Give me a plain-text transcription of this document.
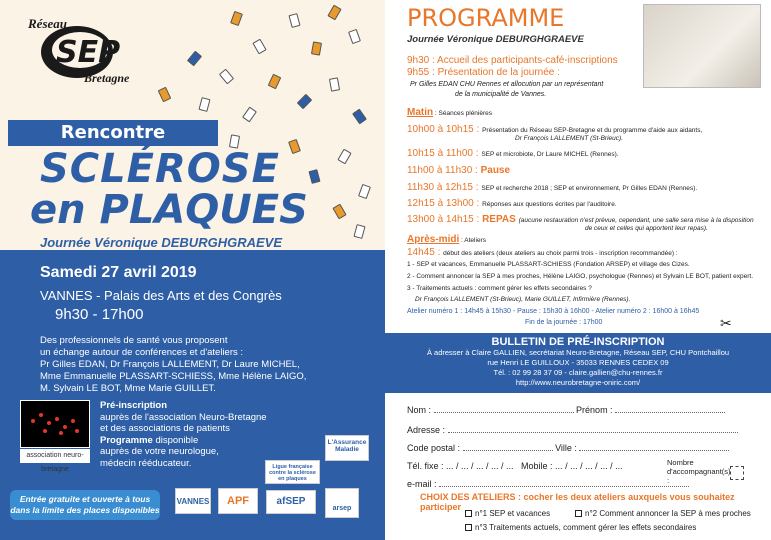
Réseau
SEP
Bretagne
Rencontre
SCLÉROSE
en PLAQUES
Journée Véronique DEBURGHGRAEVE
Samedi 27 avril 2019
VANNES - Palais des Arts et des Congrès
9h30 - 17h00
Des professionnels de santé vous proposent
un échange autour de conférences et d'ateliers :
Pr Gilles EDAN, Dr François LALLEMENT, Dr Laure MICHEL,
Mme Emmanuelle PLASSART-SCHIESS, Mme Hélène LAIGO,
M. Sylvain LE BOT, Mme Marie GUILLET.
association neuro-bretagne
Pré-inscription
auprès de l'association Neuro-Bretagne
et des associations de patients
Programme disponible
auprès de votre neurologue,
médecin rééducateur.
L'Assurance Maladie
Ligue française contre la sclérose en plaques
VANNES	APF	afSEP
arsep
Entrée gratuite et ouverte à tous
dans la limite des places disponibles
PROGRAMME
Journée Véronique DEBURGHGRAEVE
9h30 : Accueil des participants-café-inscriptions
9h55 : Présentation de la journée :
Pr Gilles EDAN CHU Rennes et allocution par un représentant
de la municipalité de Vannes.
Matin : Séances plénières
10h00 à 10h15 : Présentation du Réseau SEP-Bretagne et du programme d'aide aux aidants,
Dr François LALLEMENT (St-Brieuc).
10h15 à 11h00 : SEP et microbiote, Dr Laure MICHEL (Rennes).
11h00 à 11h30 : Pause
11h30 à 12h15 : SEP et recherche 2018 ; SEP et environnement, Pr Gilles EDAN (Rennes).
12h15 à 13h00 : Réponses aux questions écrites par l'auditoire.
13h00 à 14h15 : REPAS (aucune restauration n'est prévue, cependant, une salle sera mise à la disposition
de ceux et celles qui apportent leur repas).
Après-midi : Ateliers
14h45 : début des ateliers (deux ateliers au choix parmi trois - inscription recommandée) :
1 - SEP et vacances, Emmanuelle PLASSART-SCHIESS (Fondation ARSEP) et village des Cizes.
2 - Comment annoncer la SEP à mes proches, Hélène LAIGO, psychologue (Rennes) et Sylvain LE BOT, patient expert.
3 - Traitements actuels : comment gérer les effets secondaires ?
Dr François LALLEMENT (St-Brieuc), Marie GUILLET, Infirmière (Rennes).
Atelier numéro 1 : 14h45 à 15h30 - Pause : 15h30 à 16h00 - Atelier numéro 2 : 16h00 à 16h45
Fin de la journée : 17h00	✂
BULLETIN DE PRÉ-INSCRIPTION
À adresser à Claire GALLIEN, secrétariat Neuro-Bretagne, Réseau SEP, CHU Pontchaillou
rue Henri LE GUILLOUX - 35033 RENNES CEDEX 09
Tél. : 02 99 28 37 09 - claire.gallien@chu-rennes.fr
http://www.neurobretagne-oniric.com/
Nom :	Prénom :
Adresse :
Code postal :	Ville :
Tél. fixe : ... / ... / ... / ... / ... Mobile : ... / ... / ... / ... / ...	Nombre d'accompagnant(s) :
e-mail :
CHOIX DES ATELIERS : cocher les deux ateliers auxquels vous souhaitez participer
n°1 SEP et vacances	n°2 Comment annoncer la SEP à mes proches
n°3 Traitements actuels, comment gérer les effets secondaires
